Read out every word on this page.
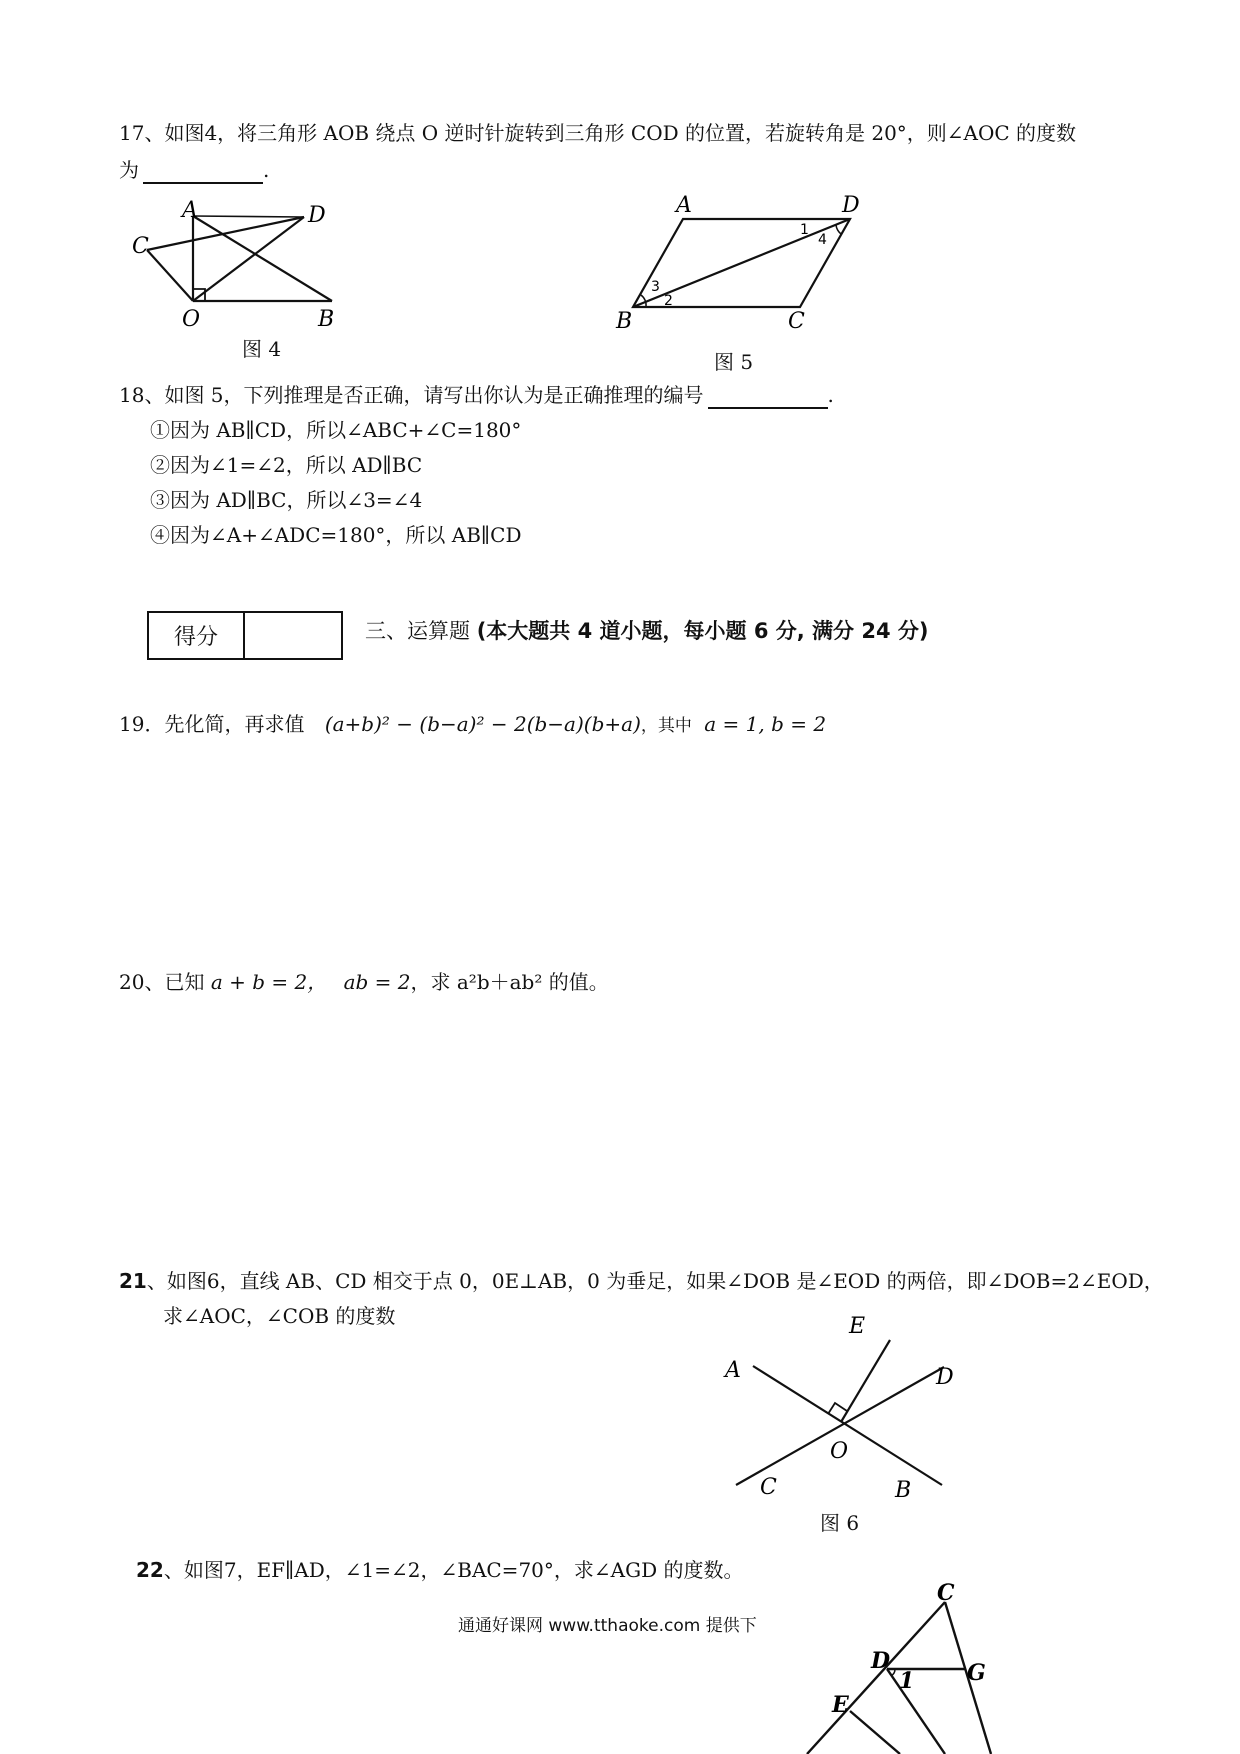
17、如图4，将三角形 AOB 绕点 O 逆时针旋转到三角形 COD 的位置，若旋转角是 20°，则∠AOC 的度数
为	.
A	D
C
O	B
图 4
A	D
B	C
1
4
2
3
图 5
18、如图 5，下列推理是否正确，请写出你认为是正确推理的编号	.
①因为 AB∥CD，所以∠ABC+∠C=180°
②因为∠1=∠2，所以 AD∥BC
③因为 AD∥BC，所以∠3=∠4
④因为∠A+∠ADC=180°，所以 AB∥CD
得分	三、运算题 (本大题共 4 道小题，每小题 6 分, 满分 24 分)
19．先化简，再求值 (a+b)² − (b−a)² − 2(b−a)(b+a)，其中 a = 1, b = 2
20、已知 a + b = 2， ab = 2，求 a²b＋ab² 的值。
21、如图6，直线 AB、CD 相交于点 0，0E⊥AB，0 为垂足，如果∠DOB 是∠EOD 的两倍，即∠DOB=2∠EOD，
求∠AOC，∠COB 的度数	E
A	D
O
C	B
图 6
22、如图7，EF∥AD，∠1=∠2，∠BAC=70°，求∠AGD 的度数。
C
D	G
E
1
通通好课网 www.tthaoke.com 提供下
